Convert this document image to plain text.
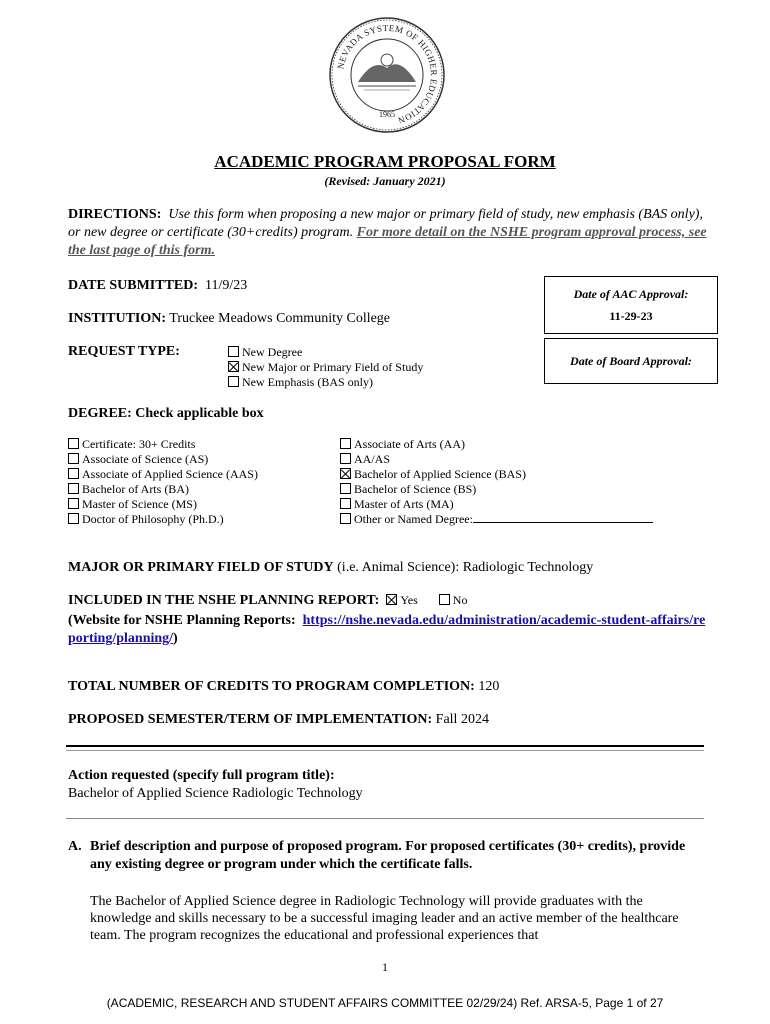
NEVADA SYSTEM OF HIGHER EDUCATION
1965
ACADEMIC PROGRAM PROPOSAL FORM
(Revised: January 2021)
DIRECTIONS: Use this form when proposing a new major or primary field of study, new emphasis (BAS only), or new degree or certificate (30+credits) program. For more detail on the NSHE program approval process, see the last page of this form.
DATE SUBMITTED: 11/9/23
Date of AAC Approval:
11-29-23
INSTITUTION: Truckee Meadows Community College
Date of Board Approval:
REQUEST TYPE:	New Degree
New Major or Primary Field of Study
New Emphasis (BAS only)
DEGREE: Check applicable box
Certificate: 30+ Credits
Associate of Science (AS)
Associate of Applied Science (AAS)
Bachelor of Arts (BA)
Master of Science (MS)
Doctor of Philosophy (Ph.D.)
Associate of Arts (AA)
AA/AS
Bachelor of Applied Science (BAS)
Bachelor of Science (BS)
Master of Arts (MA)
Other or Named Degree:
MAJOR OR PRIMARY FIELD OF STUDY (i.e. Animal Science): Radiologic Technology
INCLUDED IN THE NSHE PLANNING REPORT: Yes	No
(Website for NSHE Planning Reports: https://nshe.nevada.edu/administration/academic-student-affairs/reporting/planning/)
TOTAL NUMBER OF CREDITS TO PROGRAM COMPLETION: 120
PROPOSED SEMESTER/TERM OF IMPLEMENTATION: Fall 2024
Action requested (specify full program title):
Bachelor of Applied Science Radiologic Technology
A. Brief description and purpose of proposed program. For proposed certificates (30+ credits), provide any existing degree or program under which the certificate falls.
The Bachelor of Applied Science degree in Radiologic Technology will provide graduates with the knowledge and skills necessary to be a successful imaging leader and an active member of the healthcare team. The program recognizes the educational and professional experiences that
1
(ACADEMIC, RESEARCH AND STUDENT AFFAIRS COMMITTEE 02/29/24) Ref. ARSA-5, Page 1 of 27
